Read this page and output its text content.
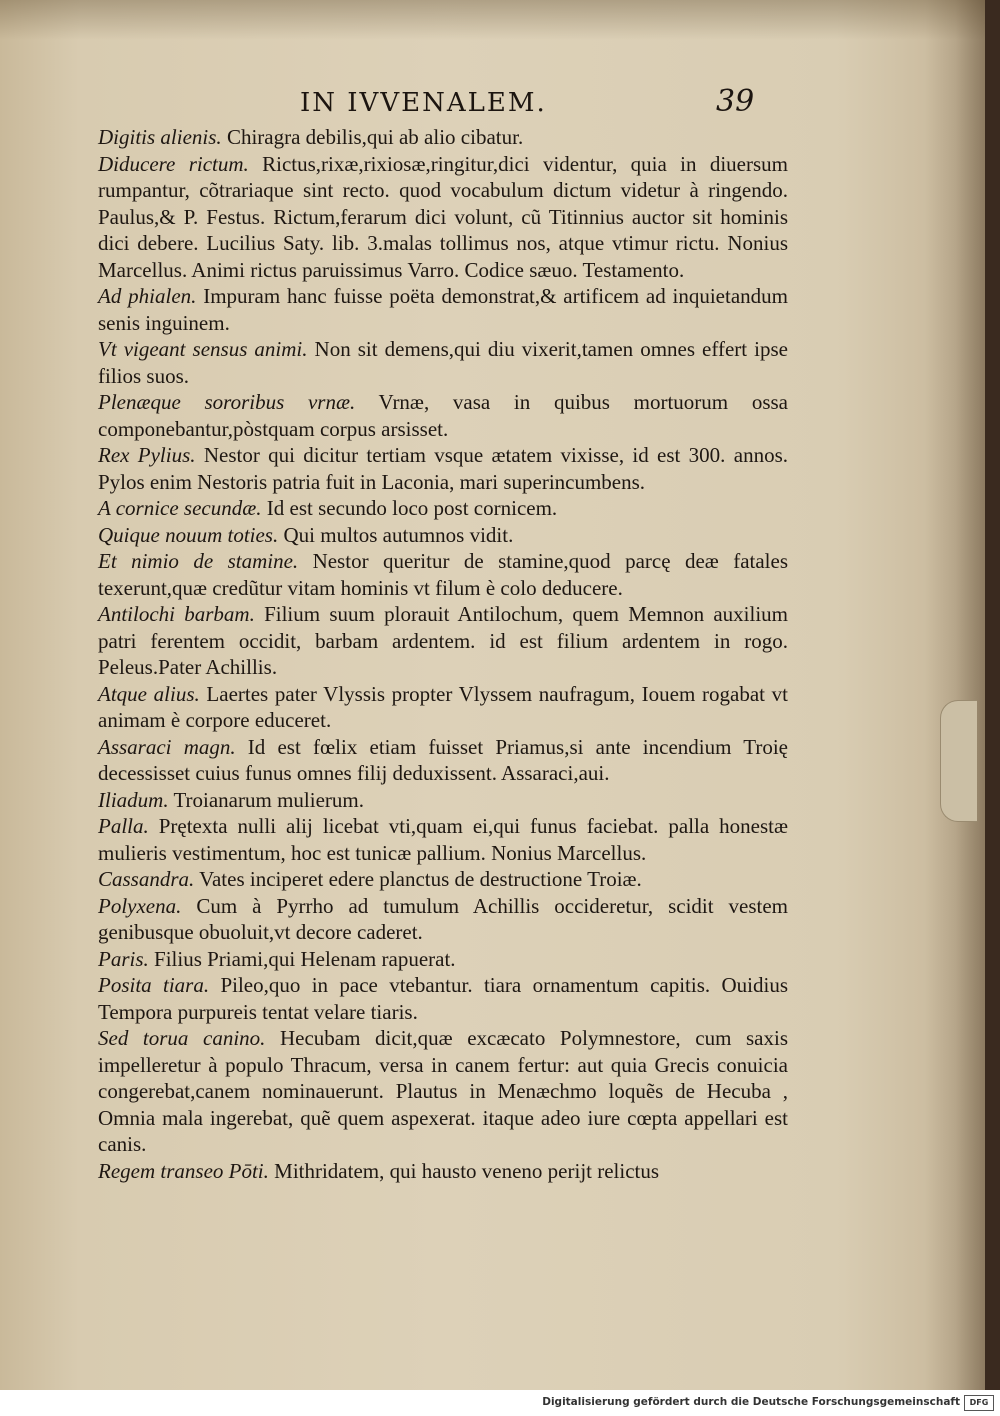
IN IVVENALEM.	39

Digitis alienis. Chiragra debilis,qui ab alio cibatur.

Diducere rictum. Rictus,rixæ,rixiosæ,ringitur,dici videntur, quia in diuersum rumpantur, cõtrariaque sint recto. quod vocabulum dictum videtur à ringendo. Paulus,& P. Festus. Rictum,ferarum dici volunt, cũ Titinnius auctor sit hominis dici debere. Lucilius Saty. lib. 3.malas tollimus nos, atque vtimur rictu. Nonius Marcellus. Animi rictus paruissimus Varro. Codice sæuo. Testamento.

Ad phialen. Impuram hanc fuisse poëta demonstrat,& artificem ad inquietandum senis inguinem.

Vt vigeant sensus animi. Non sit demens,qui diu vixerit,tamen omnes effert ipse filios suos.

Plenæque sororibus vrnæ. Vrnæ, vasa in quibus mortuorum ossa componebantur,pòstquam corpus arsisset.

Rex Pylius. Nestor qui dicitur tertiam vsque ætatem vixisse, id est 300. annos. Pylos enim Nestoris patria fuit in Laconia, mari superincumbens.

A cornice secundæ. Id est secundo loco post cornicem.

Quique nouum toties. Qui multos autumnos vidit.

Et nimio de stamine. Nestor queritur de stamine,quod parcę deæ fatales texerunt,quæ credũtur vitam hominis vt filum è colo deducere.

Antilochi barbam. Filium suum plorauit Antilochum, quem Memnon auxilium patri ferentem occidit, barbam ardentem. id est filium ardentem in rogo. Peleus.Pater Achillis.

Atque alius. Laertes pater Vlyssis propter Vlyssem naufragum, Iouem rogabat vt animam è corpore educeret.

Assaraci magn. Id est fœlix etiam fuisset Priamus,si ante incendium Troię decessisset cuius funus omnes filij deduxissent. Assaraci,aui.

Iliadum. Troianarum mulierum.

Palla. Prętexta nulli alij licebat vti,quam ei,qui funus faciebat. palla honestæ mulieris vestimentum, hoc est tunicæ pallium. Nonius Marcellus.

Cassandra. Vates inciperet edere planctus de destructione Troiæ.

Polyxena. Cum à Pyrrho ad tumulum Achillis occideretur, scidit vestem genibusque obuoluit,vt decore caderet.

Paris. Filius Priami,qui Helenam rapuerat.

Posita tiara. Pileo,quo in pace vtebantur. tiara ornamentum capitis. Ouidius Tempora purpureis tentat velare tiaris.

Sed torua canino. Hecubam dicit,quæ excæcato Polymnestore, cum saxis impelleretur à populo Thracum, versa in canem fertur: aut quia Grecis conuicia congerebat,canem nominauerunt. Plautus in Menæchmo loquẽs de Hecuba , Omnia mala ingerebat, quẽ quem aspexerat. itaque adeo iure cœpta appellari est canis.

Regem transeo Pōti. Mithridatem, qui hausto veneno perijt relictus

Digitalisierung gefördert durch die Deutsche Forschungsgemeinschaft	DFG
